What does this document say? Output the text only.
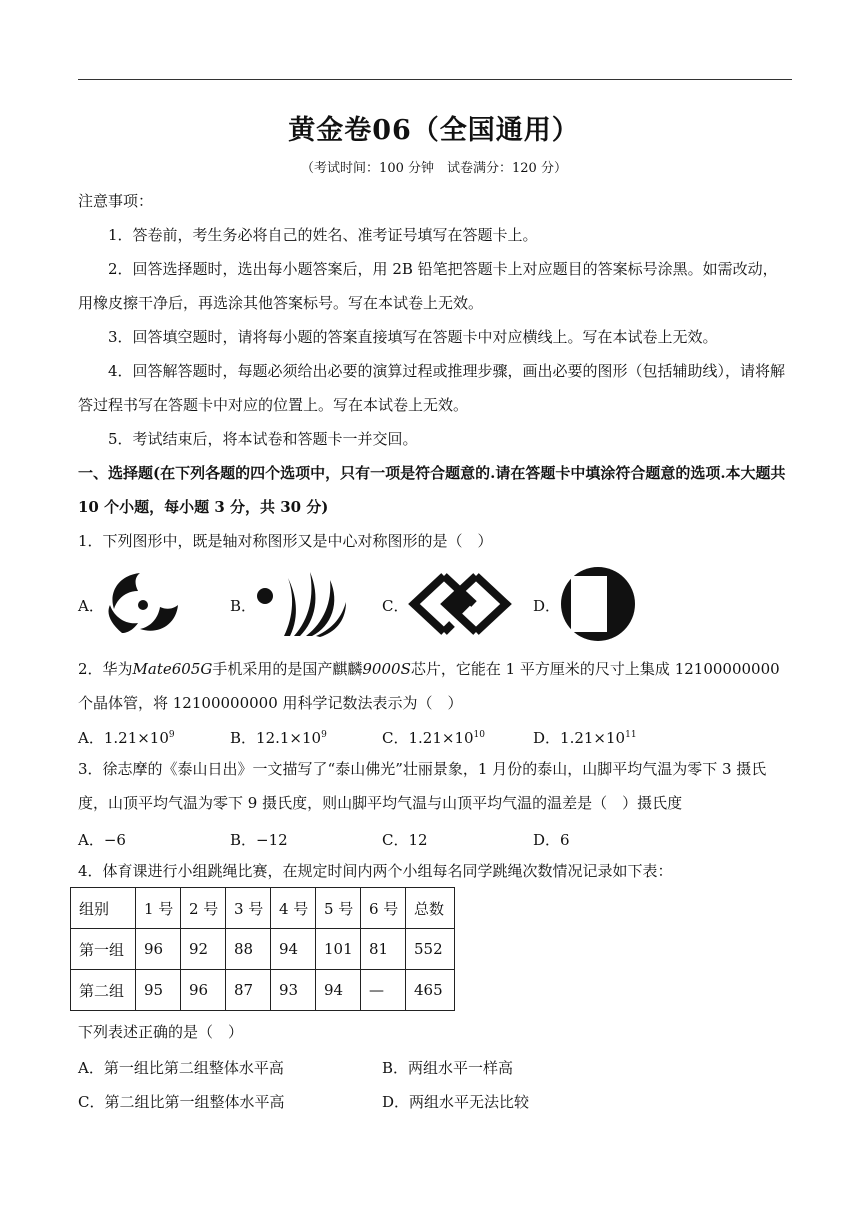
黄金卷06（全国通用）
（考试时间：100 分钟　试卷满分：120 分）
注意事项：
1．答卷前，考生务必将自己的姓名、准考证号填写在答题卡上。
2．回答选择题时，选出每小题答案后，用 2B 铅笔把答题卡上对应题目的答案标号涂黑。如需改动，用橡皮擦干净后，再选涂其他答案标号。写在本试卷上无效。
3．回答填空题时，请将每小题的答案直接填写在答题卡中对应横线上。写在本试卷上无效。
4．回答解答题时，每题必须给出必要的演算过程或推理步骤，画出必要的图形（包括辅助线），请将解答过程书写在答题卡中对应的位置上。写在本试卷上无效。
5．考试结束后，将本试卷和答题卡一并交回。
一、选择题(在下列各题的四个选项中，只有一项是符合题意的.请在答题卡中填涂符合题意的选项.本大题共 10 个小题，每小题 3 分，共 30 分)
1．下列图形中，既是轴对称图形又是中心对称图形的是（　）
A．	B．	C．	D．
2．华为Mate605G手机采用的是国产麒麟9000S芯片，它能在 1 平方厘米的尺寸上集成 12100000000 个晶体管，将 12100000000 用科学记数法表示为（　）
A．$1.21\times 10^9$	B．$12.1\times 10^9$	C．$1.21\times 10^{10}$	D．$1.21\times 10^{11}$
3．徐志摩的《泰山日出》一文描写了“泰山佛光”壮丽景象，1 月份的泰山，山脚平均气温为零下 3 摄氏度，山顶平均气温为零下 9 摄氏度，则山脚平均气温与山顶平均气温的温差是（　）摄氏度
A．−6	B．−12	C．12	D．6
4．体育课进行小组跳绳比赛，在规定时间内两个小组每名同学跳绳次数情况记录如下表：
组别	1 号	2 号	3 号	4 号	5 号	6 号	总数
第一组	96	92	88	94	101	81	552
第二组	95	96	87	93	94	—	465
下列表述正确的是（　）
A．第一组比第二组整体水平高	B．两组水平一样高
C．第二组比第一组整体水平高	D．两组水平无法比较
